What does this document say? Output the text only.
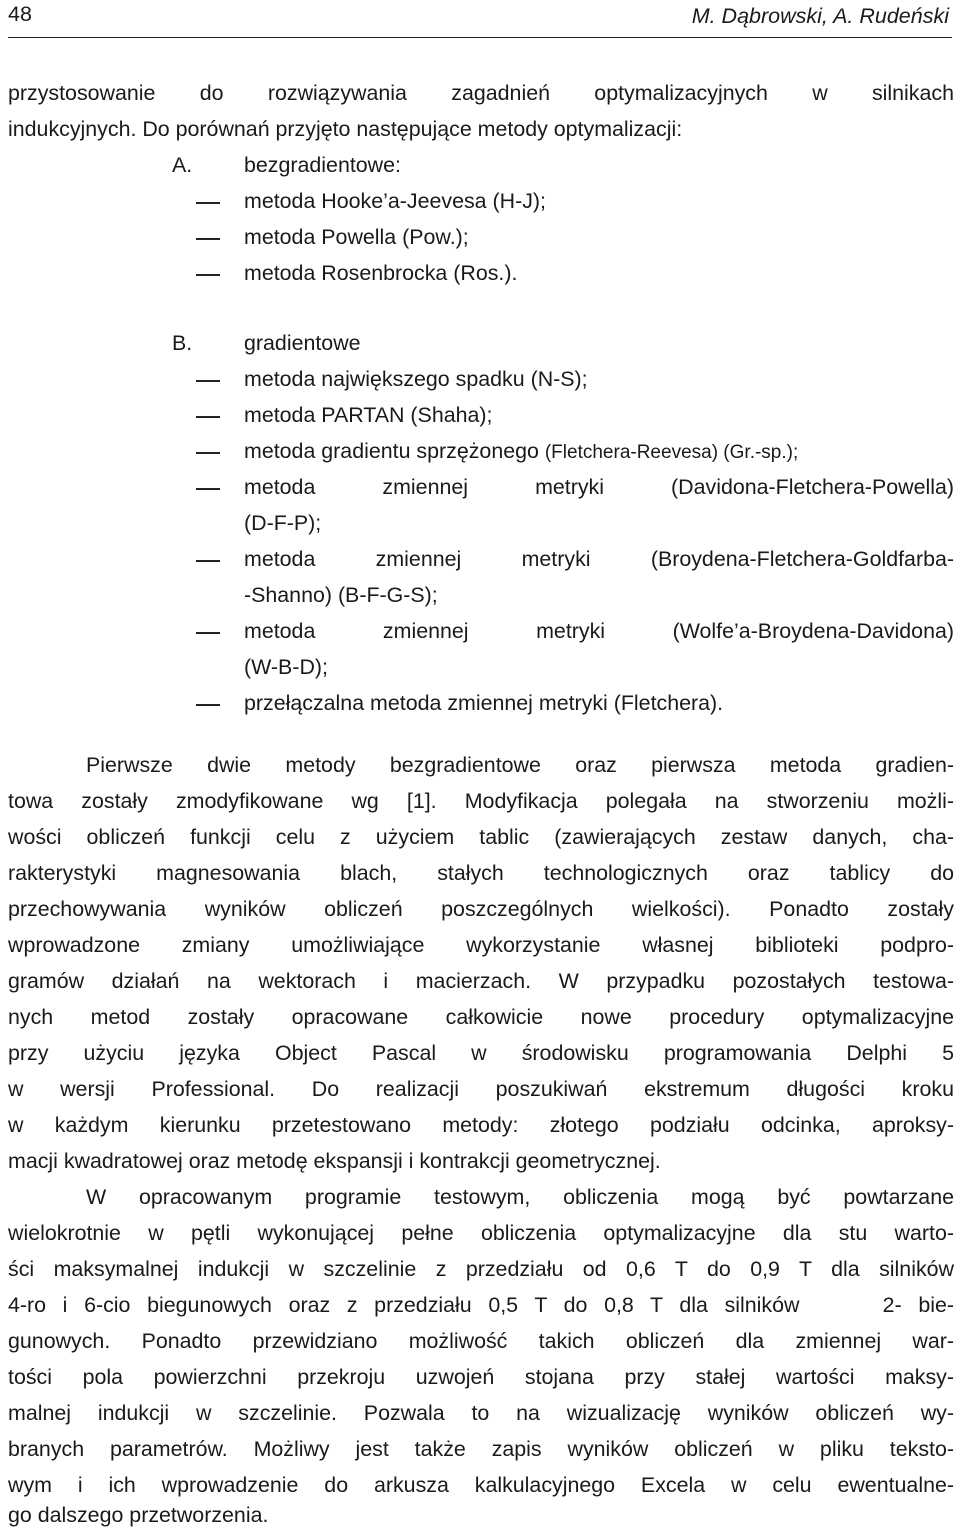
48	M. Dąbrowski, A. Rudeński
przystosowanie do rozwiązywania zagadnień optymalizacyjnych w silnikach
indukcyjnych. Do porównań przyjęto następujące metody optymalizacji:
A. bezgradientowe:
metoda Hooke’a-Jeevesa (H-J);
metoda Powella (Pow.);
metoda Rosenbrocka (Ros.).
B. gradientowe
metoda największego spadku (N-S);
metoda PARTAN (Shaha);
metoda gradientu sprzężonego (Fletchera-Reevesa) (Gr.-sp.);
metoda zmiennej metryki (Davidona-Fletchera-Powella)
(D-F-P);
metoda zmiennej metryki (Broydena-Fletchera-Goldfarba-
-Shanno) (B-F-G-S);
metoda zmiennej metryki (Wolfe’a-Broydena-Davidona)
(W-B-D);
przełączalna metoda zmiennej metryki (Fletchera).
Pierwsze dwie metody bezgradientowe oraz pierwsza metoda gradien-
towa zostały zmodyfikowane wg [1]. Modyfikacja polegała na stworzeniu możli-
wości obliczeń funkcji celu z użyciem tablic (zawierających zestaw danych, cha-
rakterystyki magnesowania blach, stałych technologicznych oraz tablicy do
przechowywania wyników obliczeń poszczególnych wielkości). Ponadto zostały
wprowadzone zmiany umożliwiające wykorzystanie własnej biblioteki podpro-
gramów działań na wektorach i macierzach. W przypadku pozostałych testowa-
nych metod zostały opracowane całkowicie nowe procedury optymalizacyjne
przy użyciu języka Object Pascal w środowisku programowania Delphi 5
w wersji Professional. Do realizacji poszukiwań ekstremum długości kroku
w każdym kierunku przetestowano metody: złotego podziału odcinka, aproksy-
macji kwadratowej oraz metodę ekspansji i kontrakcji geometrycznej.
W opracowanym programie testowym, obliczenia mogą być powtarzane
wielokrotnie w pętli wykonującej pełne obliczenia optymalizacyjne dla stu warto-
ści maksymalnej indukcji w szczelinie z przedziału od 0,6 T do 0,9 T dla silników
4-ro i 6-cio biegunowych oraz z przedziału 0,5 T do 0,8 T dla silników     2- bie-
gunowych. Ponadto przewidziano możliwość takich obliczeń dla zmiennej war-
tości pola powierzchni przekroju uzwojeń stojana przy stałej wartości maksy-
malnej indukcji w szczelinie. Pozwala to na wizualizację wyników obliczeń wy-
branych parametrów. Możliwy jest także zapis wyników obliczeń w pliku teksto-
wym i ich wprowadzenie do arkusza kalkulacyjnego Excela w celu ewentualne-
go dalszego przetworzenia.
